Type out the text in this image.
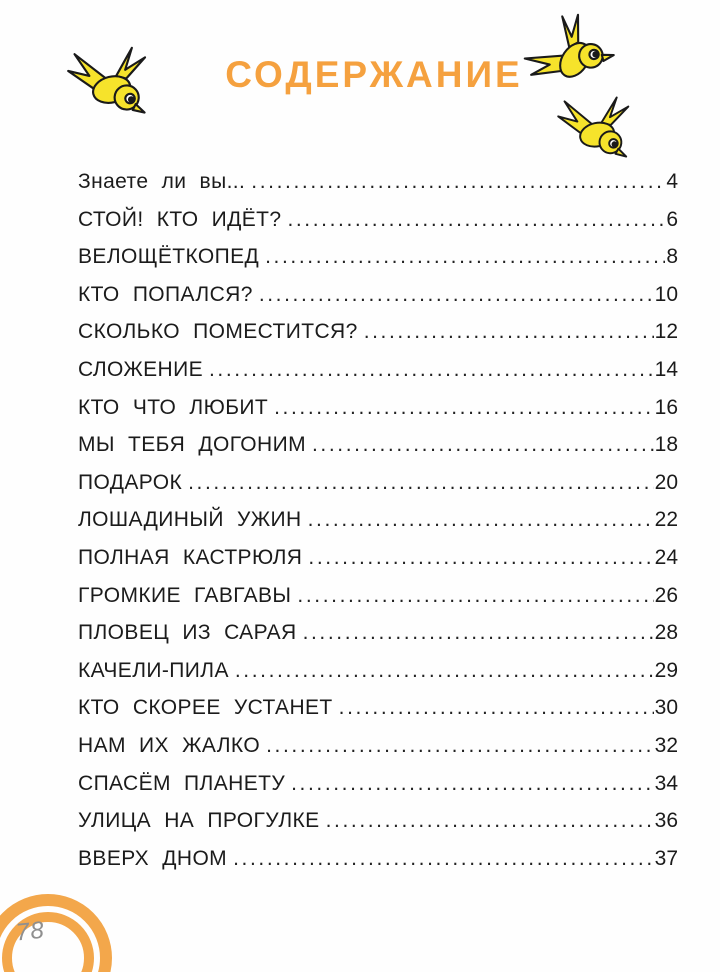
СОДЕРЖАНИЕ
Знаете ли вы... .....	4
СТОЙ! КТО ИДЁТ? .....	6
ВЕЛОЩЁТКОПЕД .....	8
КТО ПОПАЛСЯ? .....	10
СКОЛЬКО ПОМЕСТИТСЯ? .....	12
СЛОЖЕНИЕ .....	14
КТО ЧТО ЛЮБИТ .....	16
МЫ ТЕБЯ ДОГОНИМ .....	18
ПОДАРОК .....	20
ЛОШАДИНЫЙ УЖИН .....	22
ПОЛНАЯ КАСТРЮЛЯ .....	24
ГРОМКИЕ ГАВГАВЫ .....	26
ПЛОВЕЦ ИЗ САРАЯ .....	28
КАЧЕЛИ-ПИЛА .....	29
КТО СКОРЕЕ УСТАНЕТ .....	30
НАМ ИХ ЖАЛКО .....	32
СПАСЁМ ПЛАНЕТУ .....	34
УЛИЦА НА ПРОГУЛКЕ .....	36
ВВЕРХ ДНОМ .....	37
78
